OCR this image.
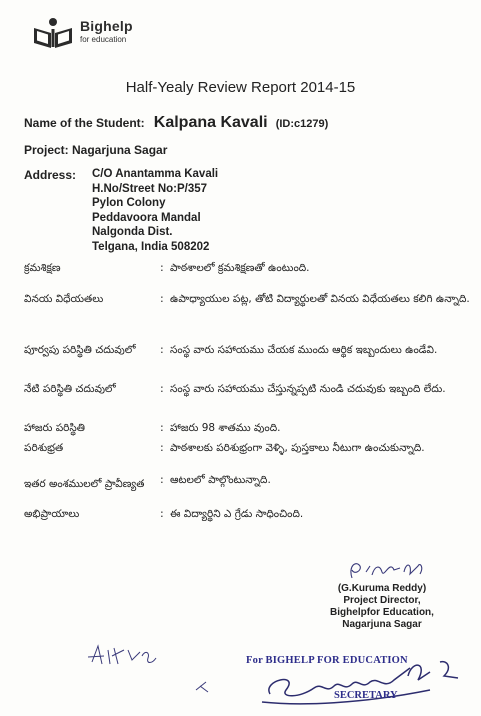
Bighelp
for education
Half-Yealy Review Report 2014-15
Name of the Student: Kalpana Kavali (ID:c1279)
Project: Nagarjuna Sagar
Address: C/O Anantamma Kavali
H.No/Street No:P/357
Pylon Colony
Peddavoora Mandal
Nalgonda Dist.
Telgana, India 508202
క్రమశిక్షణ	: పాఠశాలలో క్రమశిక్షణతో ఉంటుంది.
వినయ విధేయతలు	: ఉపాధ్యాయుల పట్ల, తోటి విద్యార్థులతో వినయ విధేయతలు కలిగి ఉన్నాది.
పూర్వపు పరిస్థితి చదువులో : సంస్థ వారు సహాయము చేయక ముందు ఆర్థిక ఇబ్బందులు ఉండేవి.
నేటి పరిస్థితి చదువులో	: సంస్థ వారు సహాయము చేస్తున్నప్పటి నుండి చదువుకు ఇబ్బంది లేదు.
హాజరు పరిస్థితి	: హాజరు 98 శాతము వుంది.
పరిశుభ్రత	: పాఠశాలకు పరిశుభ్రంగా వెళ్ళి, పుస్తకాలు నీటుగా ఉంచుకున్నాది.
ఇతర అంశములలో ప్రావీణ్యత : ఆటలలో పాల్గొంటున్నాది.
అభిప్రాయాలు	: ఈ విద్యార్థిని ఎ గ్రేడు సాధించింది.
(G.Kuruma Reddy)
Project Director,
Bighelpfor Education,
Nagarjuna Sagar
For BIGHELP FOR EDUCATION
SECRETARY
